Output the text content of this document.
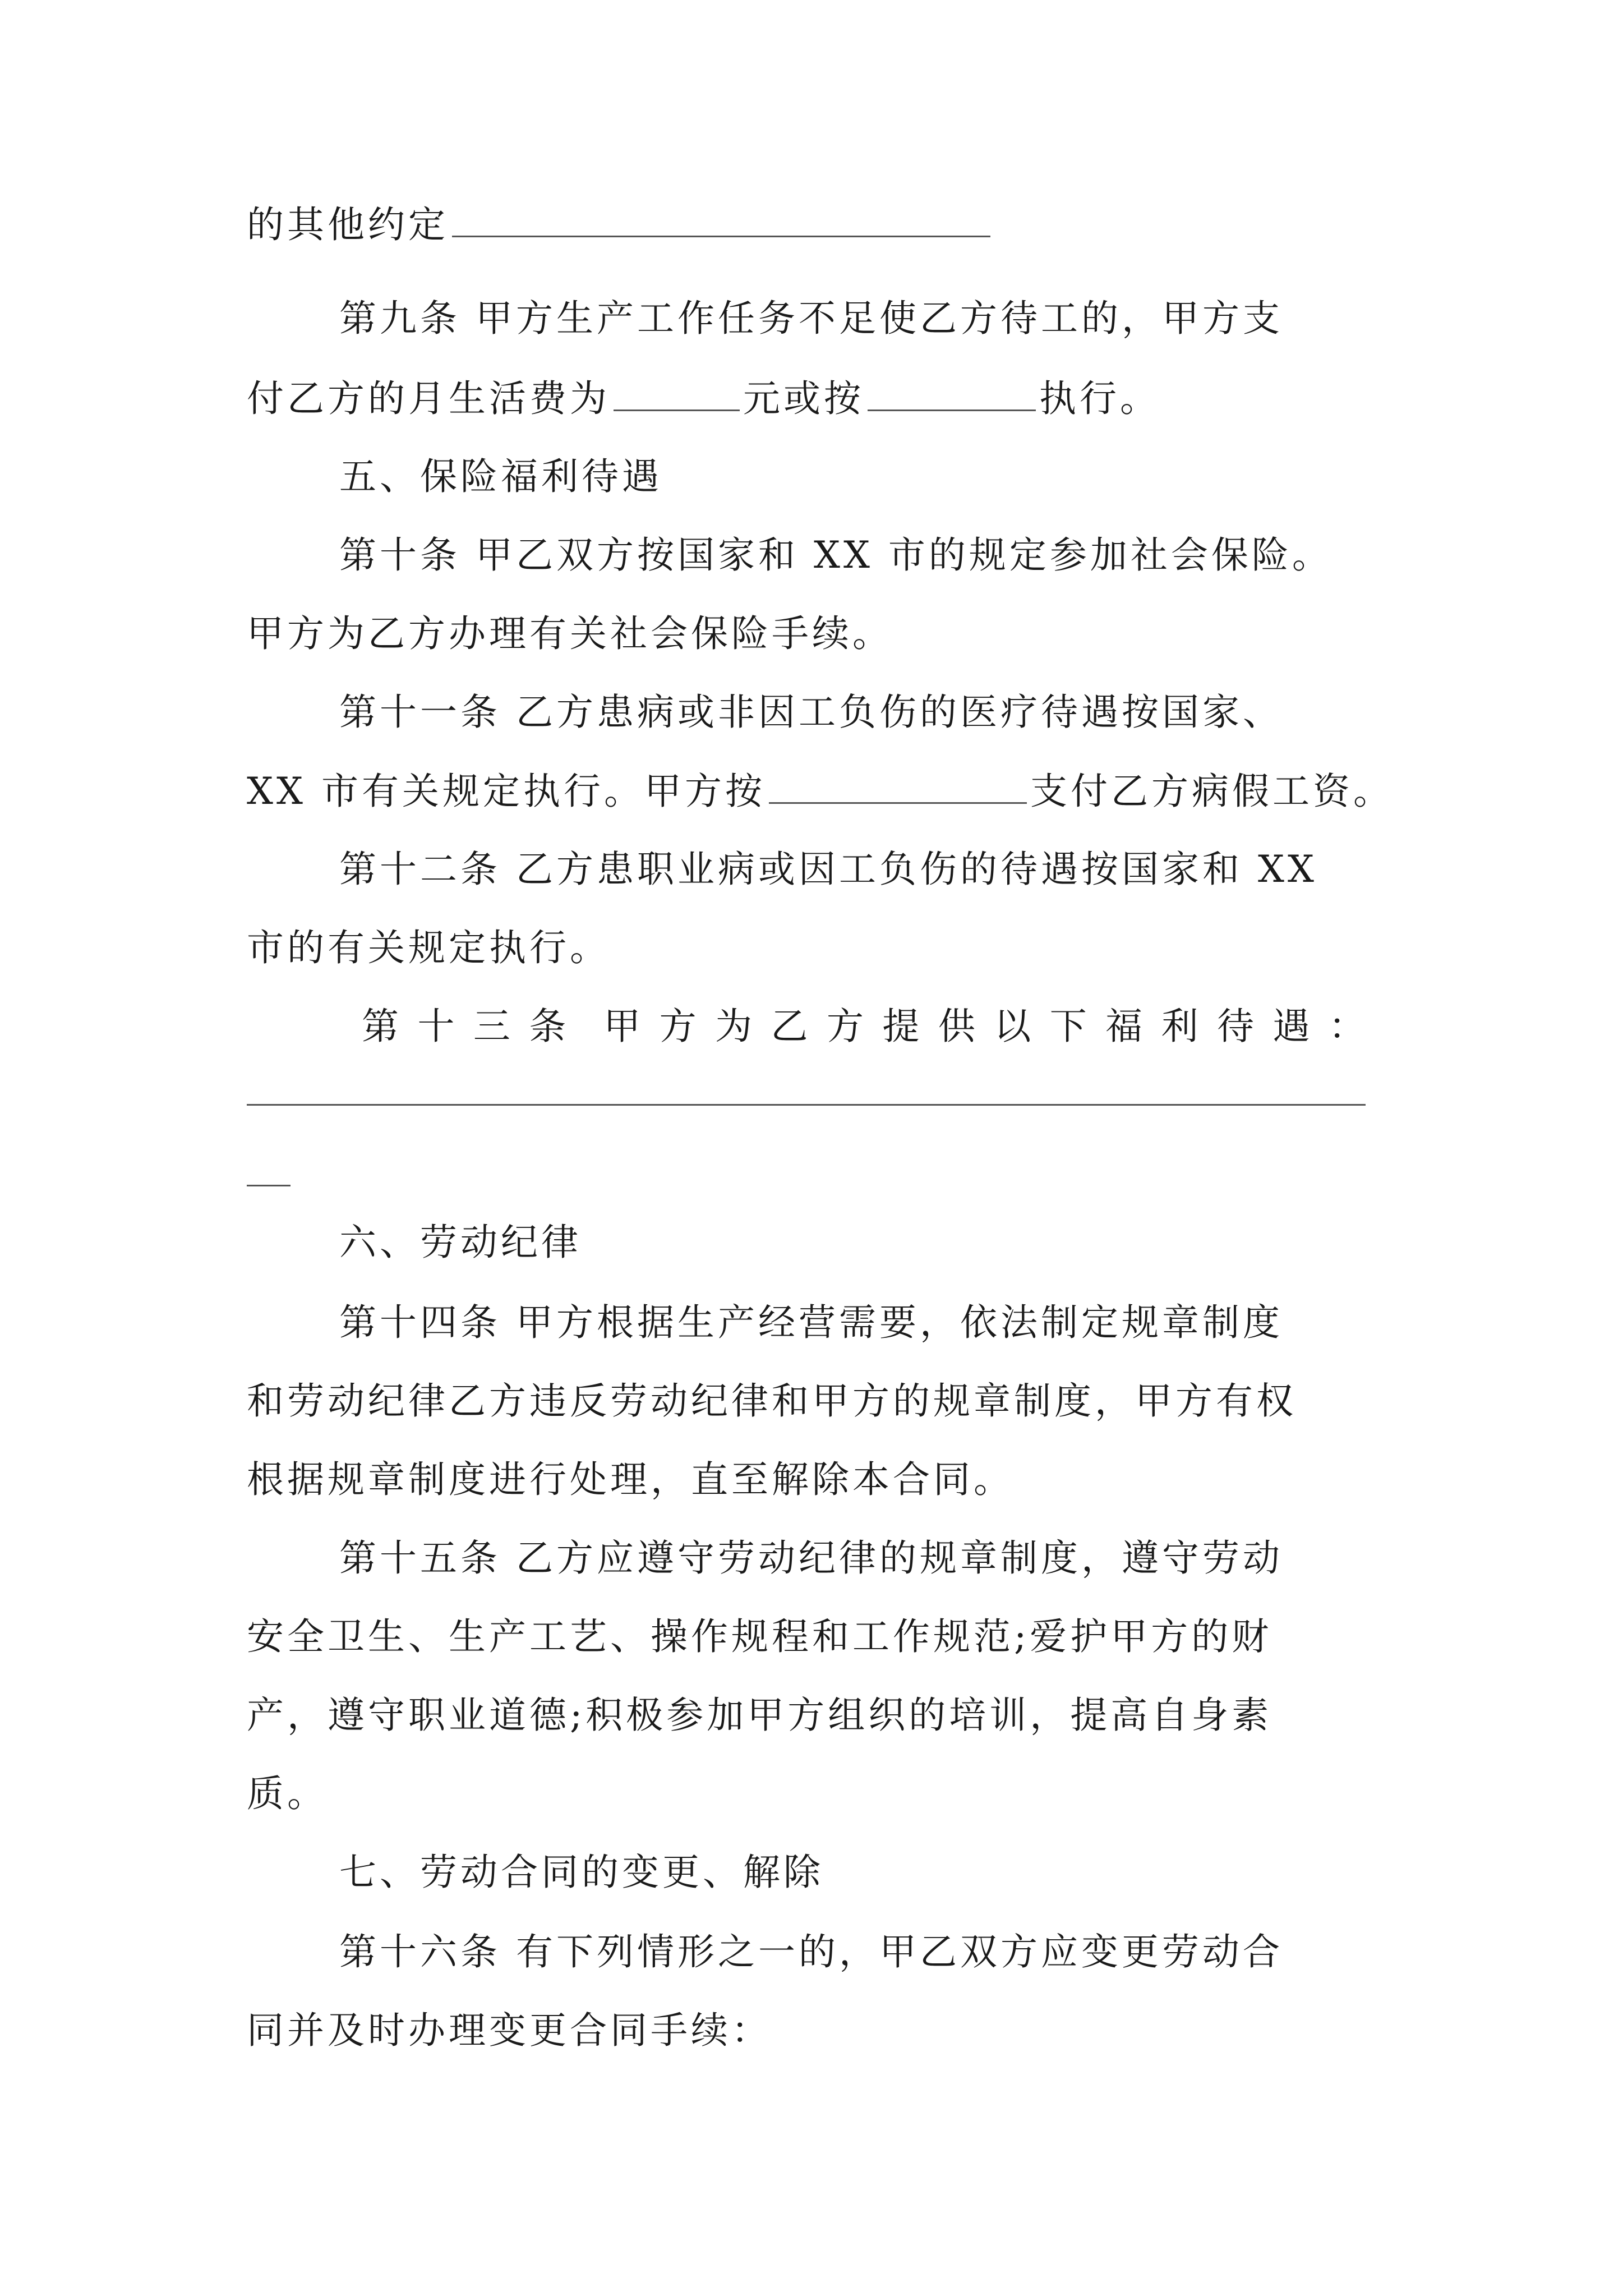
的其他约定
第九条 甲方生产工作任务不足使乙方待工的，甲方支
付乙方的月生活费为	元或按	执行。
五、保险福利待遇
第十条 甲乙双方按国家和 XX 市的规定参加社会保险。
甲方为乙方办理有关社会保险手续。
第十一条 乙方患病或非因工负伤的医疗待遇按国家、
XX 市有关规定执行。甲方按	支付乙方病假工资。
第十二条 乙方患职业病或因工负伤的待遇按国家和 XX
市的有关规定执行。
第 十 三 条 甲 方 为 乙 方 提 供 以 下 福 利 待 遇 ：
六、劳动纪律
第十四条 甲方根据生产经营需要，依法制定规章制度
和劳动纪律乙方违反劳动纪律和甲方的规章制度，甲方有权
根据规章制度进行处理，直至解除本合同。
第十五条 乙方应遵守劳动纪律的规章制度，遵守劳动
安全卫生、生产工艺、操作规程和工作规范;爱护甲方的财
产，遵守职业道德;积极参加甲方组织的培训，提高自身素
质。
七、劳动合同的变更、解除
第十六条 有下列情形之一的，甲乙双方应变更劳动合
同并及时办理变更合同手续：
